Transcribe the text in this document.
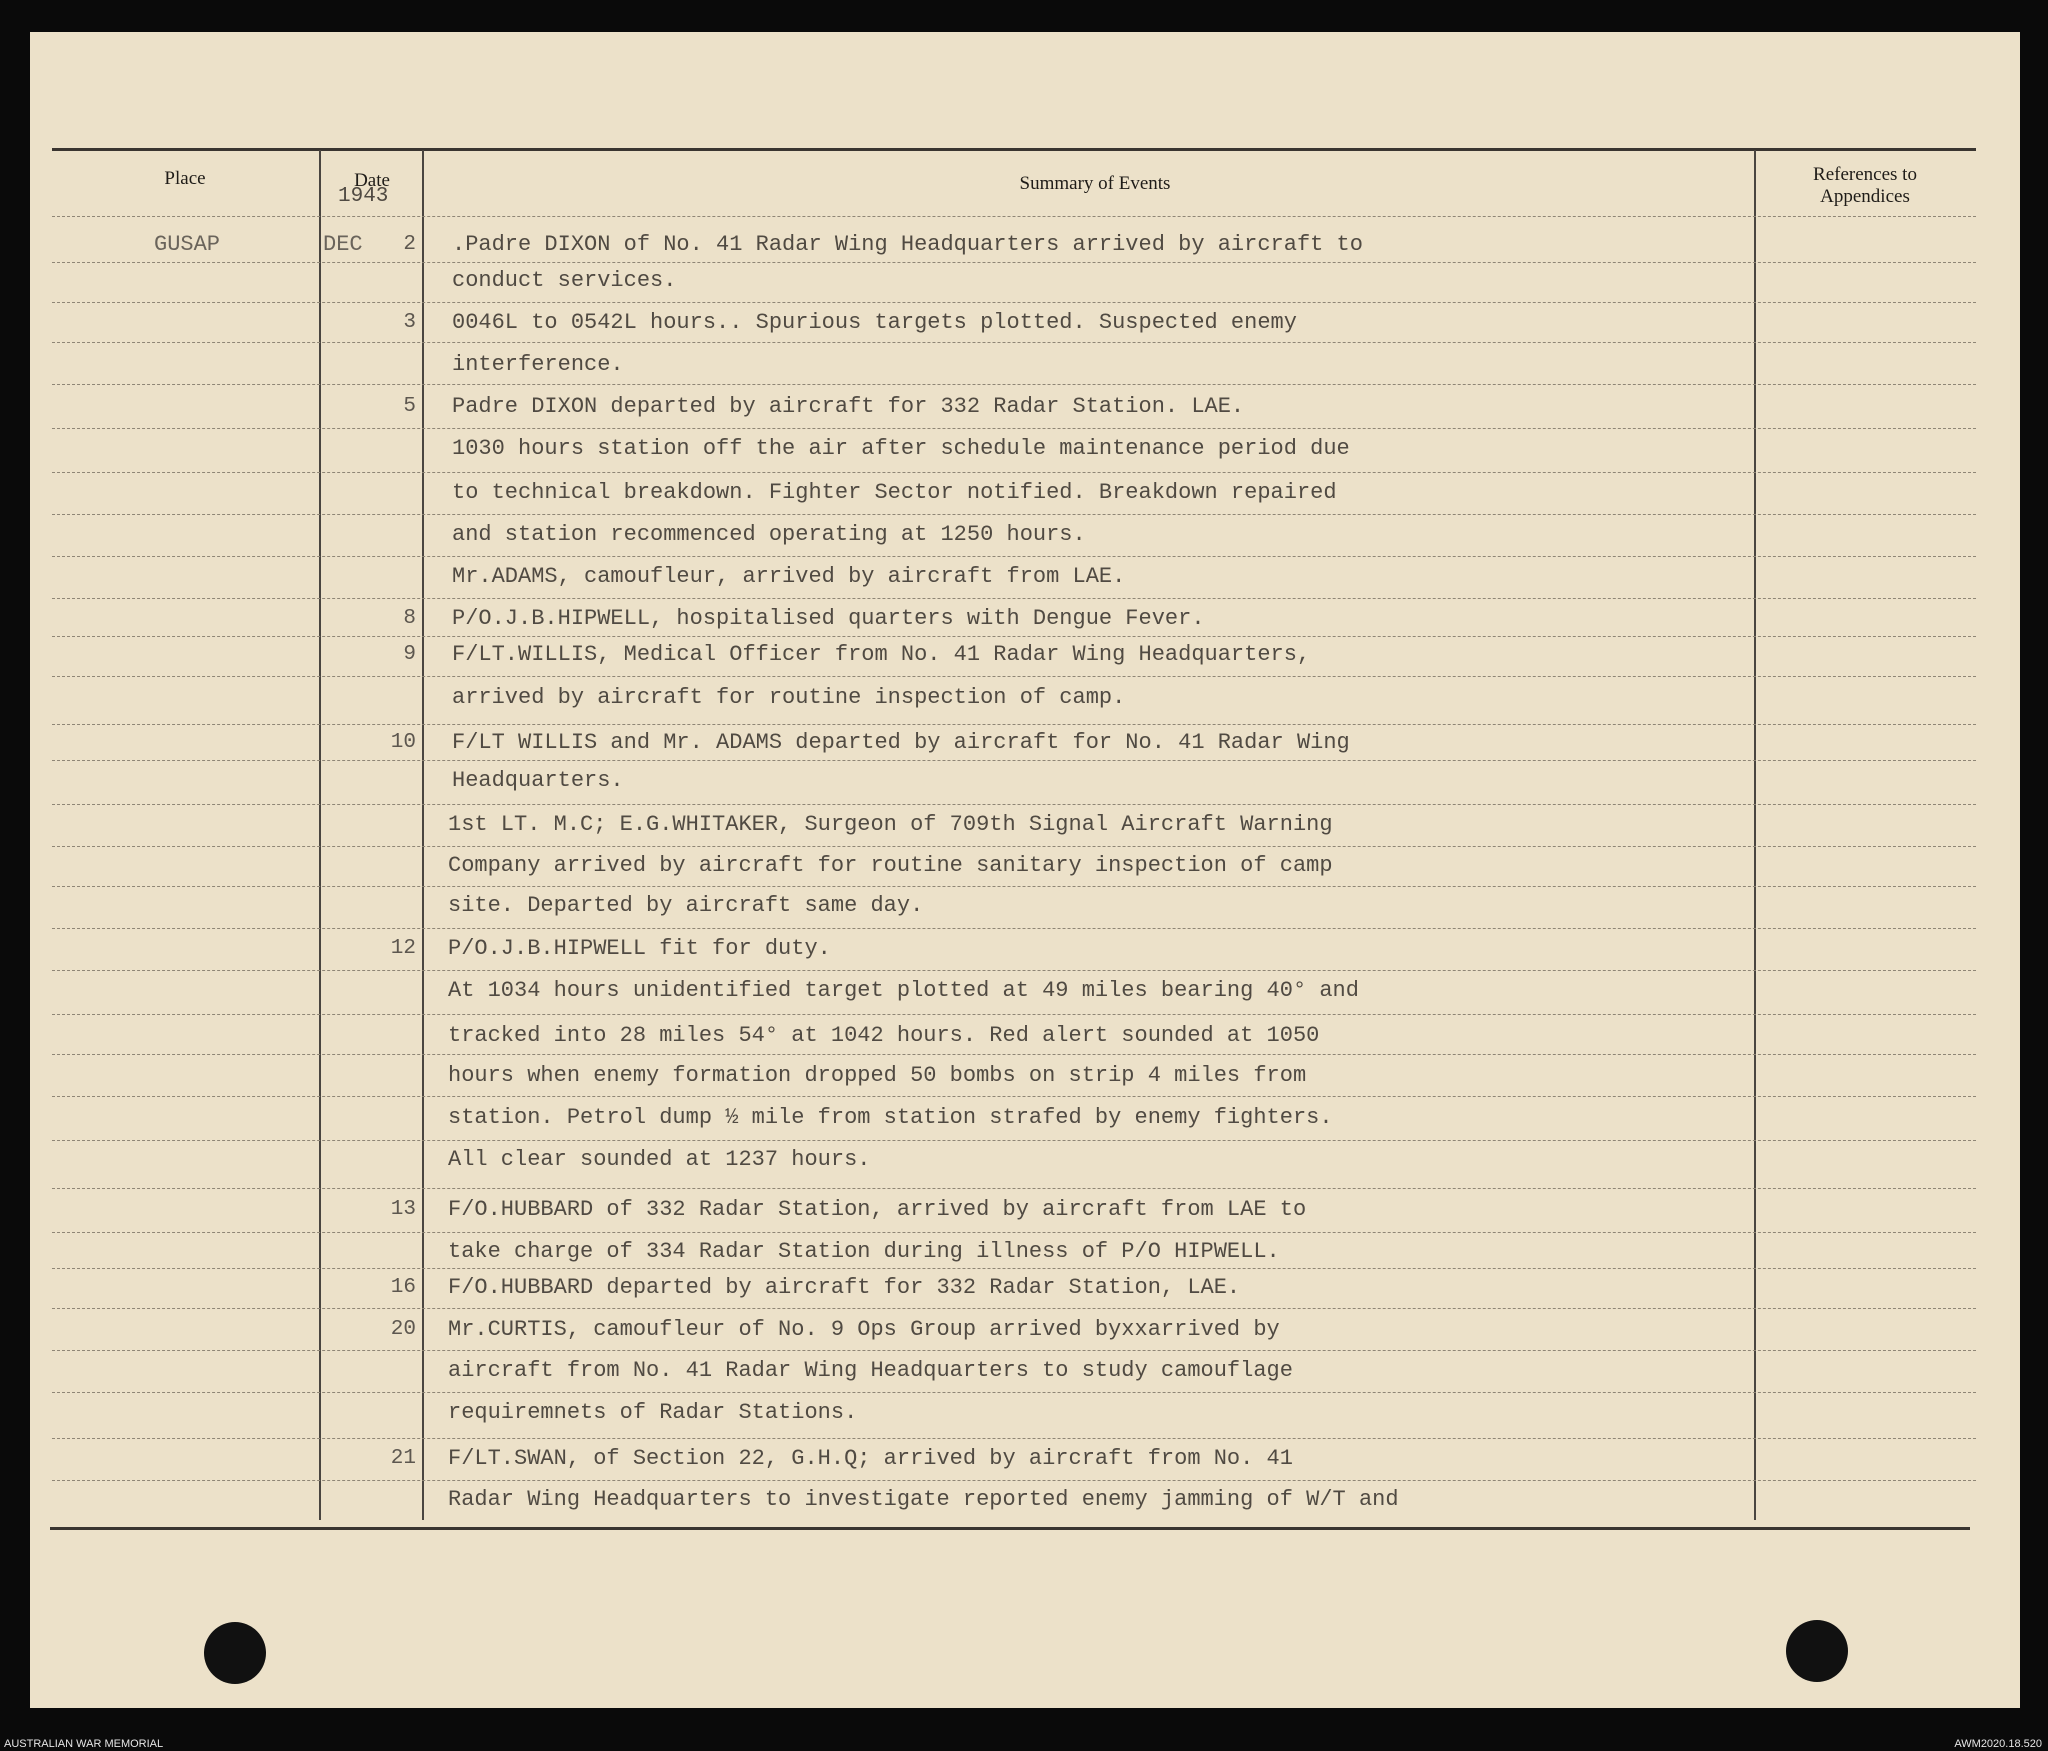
Place	Date
1943
Summary of Events	References to
Appendices
GUSAP	DEC	2 .Padre DIXON of No. 41 Radar Wing Headquarters arrived by aircraft to
conduct services.
3 0046L to 0542L hours.. Spurious targets plotted. Suspected enemy
interference.
5 Padre DIXON departed by aircraft for 332 Radar Station. LAE.
1030 hours station off the air after schedule maintenance period due
to technical breakdown. Fighter Sector notified. Breakdown repaired
and station recommenced operating at 1250 hours.
Mr.ADAMS, camoufleur, arrived by aircraft from LAE.
8 P/O.J.B.HIPWELL, hospitalised quarters with Dengue Fever.
9 F/LT.WILLIS, Medical Officer from No. 41 Radar Wing Headquarters,
arrived by aircraft for routine inspection of camp.
10 F/LT WILLIS and Mr. ADAMS departed by aircraft for No. 41 Radar Wing
Headquarters.
1st LT. M.C; E.G.WHITAKER, Surgeon of 709th Signal Aircraft Warning
Company arrived by aircraft for routine sanitary inspection of camp
site. Departed by aircraft same day.
12 P/O.J.B.HIPWELL fit for duty.
At 1034 hours unidentified target plotted at 49 miles bearing 40° and
tracked into 28 miles 54° at 1042 hours. Red alert sounded at 1050
hours when enemy formation dropped 50 bombs on strip 4 miles from
station. Petrol dump ½ mile from station strafed by enemy fighters.
All clear sounded at 1237 hours.
13 F/O.HUBBARD of 332 Radar Station, arrived by aircraft from LAE to
take charge of 334 Radar Station during illness of P/O HIPWELL.
16 F/O.HUBBARD departed by aircraft for 332 Radar Station, LAE.
20 Mr.CURTIS, camoufleur of No. 9 Ops Group arrived byxxarrived by
aircraft from No. 41 Radar Wing Headquarters to study camouflage
requiremnets of Radar Stations.
21 F/LT.SWAN, of Section 22, G.H.Q; arrived by aircraft from No. 41
Radar Wing Headquarters to investigate reported enemy jamming of W/T and
AUSTRALIAN WAR MEMORIAL	AWM2020.18.520
